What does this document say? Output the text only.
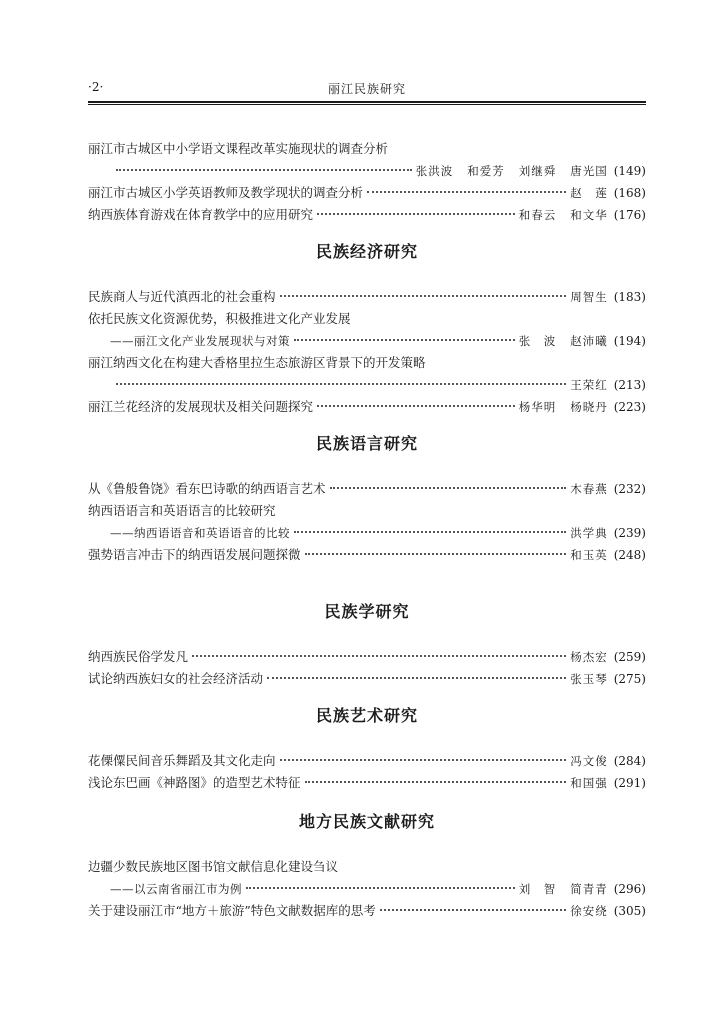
·2·	丽江民族研究
丽江市古城区中小学语文课程改革实施现状的调查分析
张洪波 和爱芳 刘继舜 唐光国 (149)
丽江市古城区小学英语教师及教学现状的调查分析	赵　莲 (168)
纳西族体育游戏在体育教学中的应用研究	和春云 和文华 (176)
民族经济研究
民族商人与近代滇西北的社会重构	周智生 (183)
依托民族文化资源优势，积极推进文化产业发展
——丽江文化产业发展现状与对策	张　波 赵沛曦 (194)
丽江纳西文化在构建大香格里拉生态旅游区背景下的开发策略
王荣红 (213)
丽江兰花经济的发展现状及相关问题探究	杨华明 杨晓丹 (223)
民族语言研究
从《鲁般鲁饶》看东巴诗歌的纳西语言艺术	木春燕 (232)
纳西语语言和英语语言的比较研究
——纳西语语音和英语语音的比较	洪学典 (239)
强势语言冲击下的纳西语发展问题探微	和玉英 (248)
民族学研究
纳西族民俗学发凡	杨杰宏 (259)
试论纳西族妇女的社会经济活动	张玉琴 (275)
民族艺术研究
花傈僳民间音乐舞蹈及其文化走向	冯文俊 (284)
浅论东巴画《神路图》的造型艺术特征	和国强 (291)
地方民族文献研究
边疆少数民族地区图书馆文献信息化建设刍议
——以云南省丽江市为例	刘　智 简青青 (296)
关于建设丽江市“地方＋旅游”特色文献数据库的思考	徐安绕 (305)
